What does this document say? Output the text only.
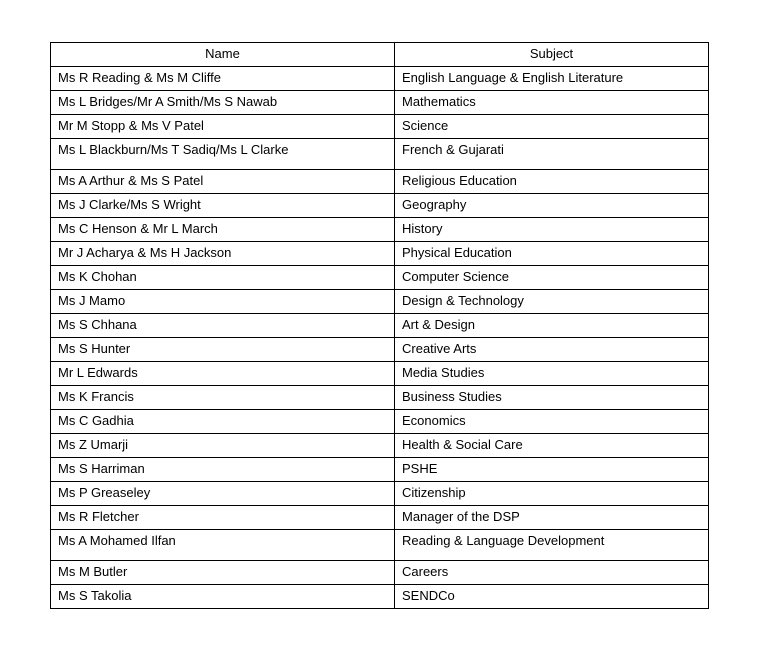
Name	Subject
Ms R Reading & Ms M Cliffe	English Language & English Literature
Ms L Bridges/Mr A Smith/Ms S Nawab	Mathematics
Mr M Stopp & Ms V Patel	Science
Ms L Blackburn/Ms T Sadiq/Ms L Clarke	French & Gujarati
Ms A Arthur & Ms S Patel	Religious Education
Ms J Clarke/Ms S Wright	Geography
Ms C Henson & Mr L March	History
Mr J Acharya & Ms H Jackson	Physical Education
Ms K Chohan	Computer Science
Ms J Mamo	Design & Technology
Ms S Chhana	Art & Design
Ms S Hunter	Creative Arts
Mr L Edwards	Media Studies
Ms K Francis	Business Studies
Ms C Gadhia	Economics
Ms Z Umarji	Health & Social Care
Ms S Harriman	PSHE
Ms P Greaseley	Citizenship
Ms R Fletcher	Manager of the DSP
Ms A Mohamed Ilfan	Reading & Language Development
Ms M Butler	Careers
Ms S Takolia	SENDCo
